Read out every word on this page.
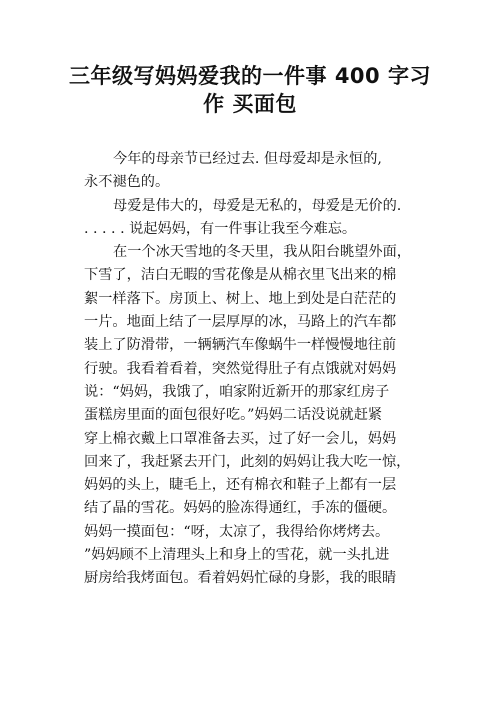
三年级写妈妈爱我的一件事 400 字习
作 买面包
今年的母亲节已经过去. 但母爱却是永恒的,
永不褪色的。
母爱是伟大的，母爱是无私的，母爱是无价的.
. . . . . 说起妈妈，有一件事让我至今难忘。
在一个冰天雪地的冬天里，我从阳台眺望外面，
下雪了，洁白无暇的雪花像是从棉衣里飞出来的棉
絮一样落下。房顶上、树上、地上到处是白茫茫的
一片。地面上结了一层厚厚的冰，马路上的汽车都
装上了防滑带，一辆辆汽车像蜗牛一样慢慢地往前
行驶。我看着看着，突然觉得肚子有点饿就对妈妈
说：“妈妈，我饿了，咱家附近新开的那家红房子
蛋糕房里面的面包很好吃。”妈妈二话没说就赶紧
穿上棉衣戴上口罩准备去买，过了好一会儿，妈妈
回来了，我赶紧去开门，此刻的妈妈让我大吃一惊，
妈妈的头上，睫毛上，还有棉衣和鞋子上都有一层
结了晶的雪花。妈妈的脸冻得通红，手冻的僵硬。
妈妈一摸面包：“呀，太凉了，我得给你烤烤去。
”妈妈顾不上清理头上和身上的雪花，就一头扎进
厨房给我烤面包。看着妈妈忙碌的身影，我的眼睛
